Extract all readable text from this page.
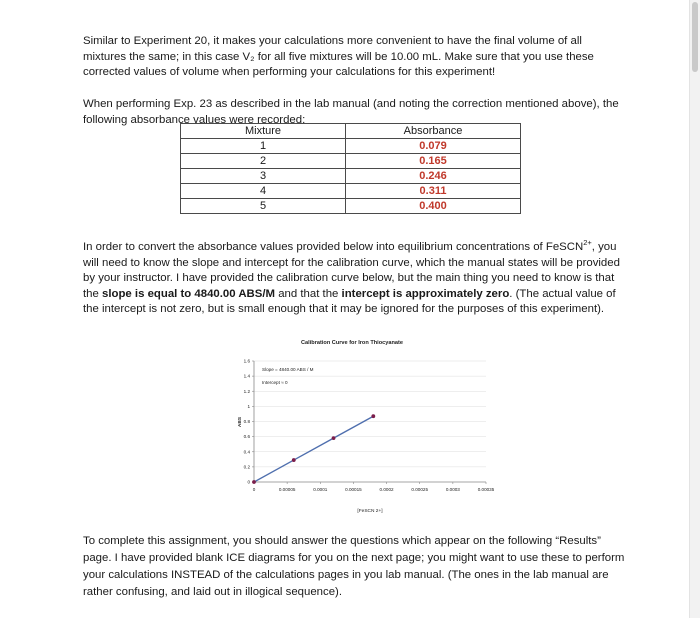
Similar to Experiment 20, it makes your calculations more convenient to have the final volume of all mixtures the same; in this case V₂ for all five mixtures will be 10.00 mL. Make sure that you use these corrected values of volume when performing your calculations for this experiment!

When performing Exp. 23 as described in the lab manual (and noting the correction mentioned above), the following absorbance values were recorded:

Mixture	Absorbance
1	0.079
2	0.165
3	0.246
4	0.311
5	0.400

In order to convert the absorbance values provided below into equilibrium concentrations of FeSCN$^{2+}$, you will need to know the slope and intercept for the calibration curve, which the manual states will be provided by your instructor. I have provided the calibration curve below, but the main thing you need to know is that the slope is equal to 4840.00 ABS/M and that the intercept is approximately zero. (The actual value of the intercept is not zero, but is small enough that it may be ignored for the purposes of this experiment).

Calibration Curve for Iron Thiocyanate
0	0.00005	0.0001	0.00015	0.0002	0.00025	0.0003	0.00035
0
0.2
0.4
0.6
0.8
1
1.2
1.4
1.6
Slope = 4840.00 ABS / M
Intercept ≈ 0
[FeSCN 2+]
ABS

To complete this assignment, you should answer the questions which appear on the following “Results” page. I have provided blank ICE diagrams for you on the next page; you might want to use these to perform your calculations INSTEAD of the calculations pages in you lab manual. (The ones in the lab manual are rather confusing, and laid out in illogical sequence).
